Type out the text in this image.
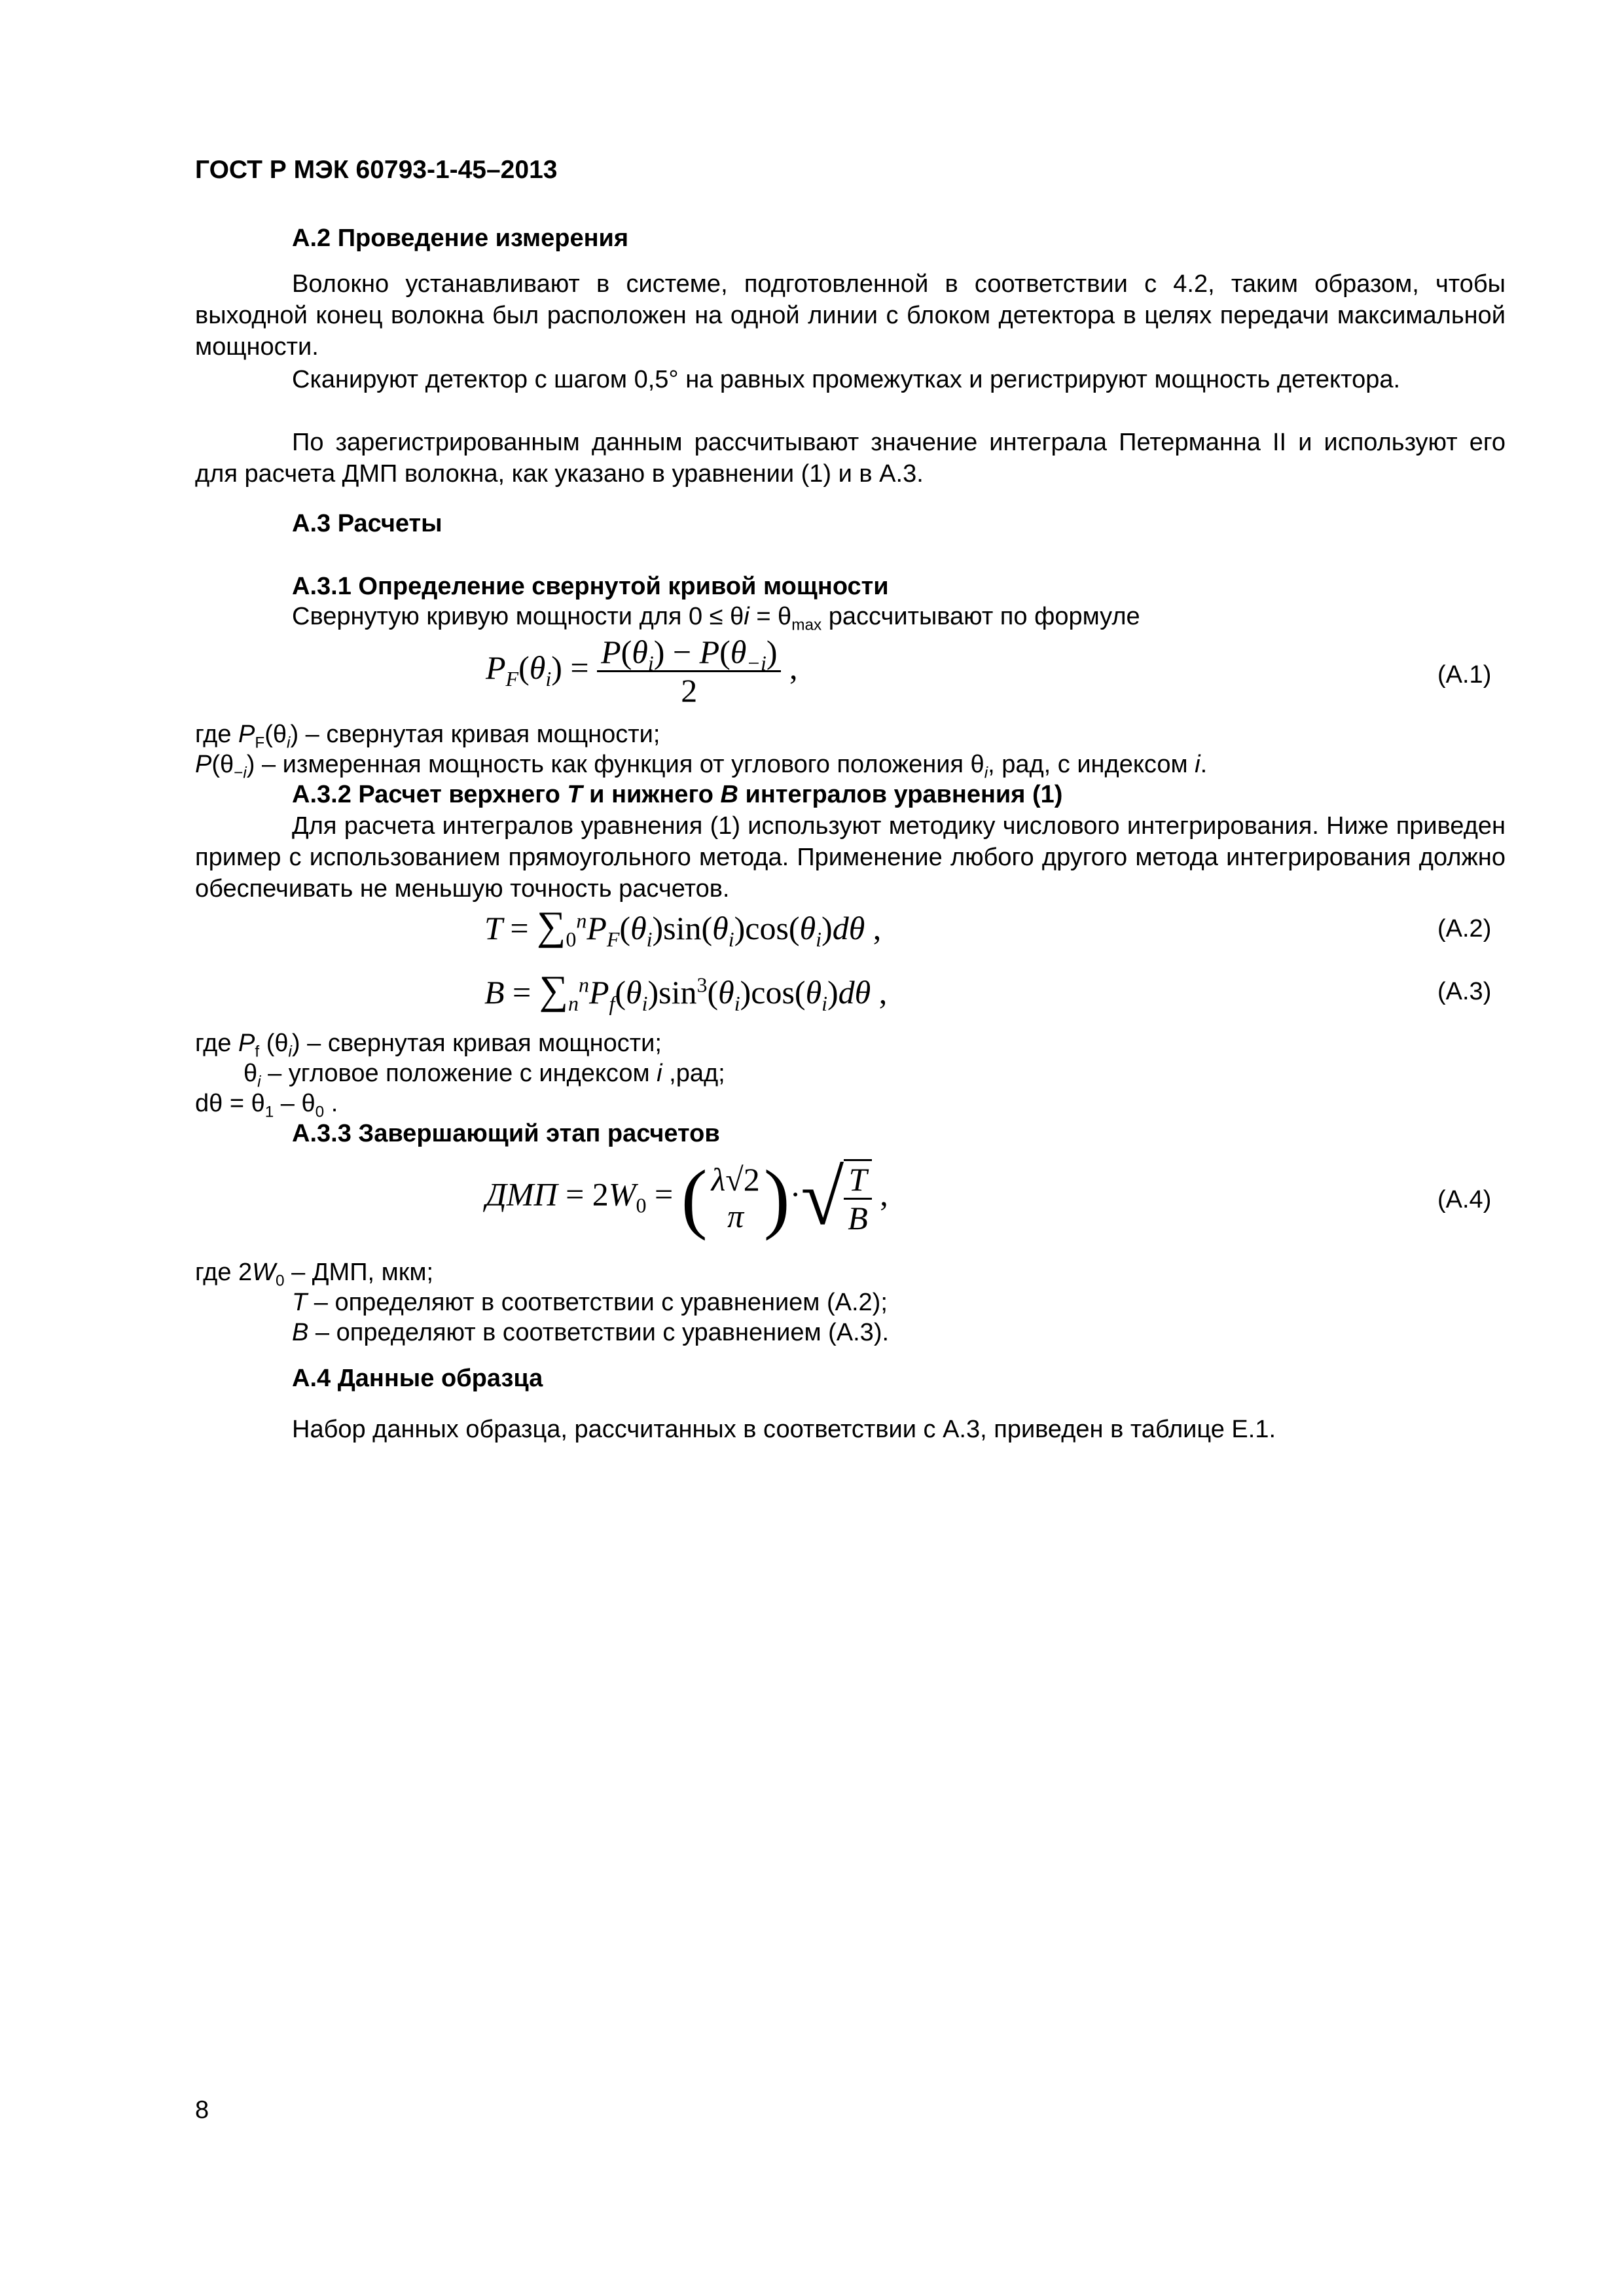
ГОСТ Р МЭК 60793-1-45–2013
А.2 Проведение измерения
Волокно устанавливают в системе, подготовленной в соответствии с 4.2, таким образом, чтобы выходной конец волокна был расположен на одной линии с блоком детектора в целях передачи максимальной мощности.
Сканируют детектор с шагом 0,5° на равных промежутках и регистрируют мощность детектора.
По зарегистрированным данным рассчитывают значение интеграла Петерманна II и используют его для расчета ДМП волокна, как указано в уравнении (1) и в А.3.
А.3 Расчеты
А.3.1 Определение свернутой кривой мощности
Свернутую кривую мощности для $0 \le \theta i = \theta_{max}$ рассчитывают по формуле
$P_F(\theta_i) = \frac{P(\theta_i) - P(\theta_{-i})}{2}$ ,	(А.1)
где $P_F(\theta_i)$ – свернутая кривая мощности;
$P(\theta_{-i})$ – измеренная мощность как функция от углового положения $\theta_i$, рад, с индексом i.
А.3.2 Расчет верхнего T и нижнего B интегралов уравнения (1)
Для расчета интегралов уравнения (1) используют методику числового интегрирования. Ниже приведен пример с использованием прямоугольного метода. Применение любого другого метода интегрирования должно обеспечивать не меньшую точность расчетов.
$T = \sum_0^nP_F(\theta_i)\sin(\theta_i)\cos(\theta_i)d\theta$ ,	(А.2)
$B = \sum_n^nP_f(\theta_i)\sin^3(\theta_i)\cos(\theta_i)d\theta$ ,	(А.3)
где $P_f$ $(\theta_i)$ – свернутая кривая мощности;
$\theta_i$ – угловое положение с индексом i ,рад;
$d\theta = \theta_1 - \theta_0$ .
А.3.3 Завершающий этап расчетов
ДМП = $2W_0$ = ( λ√2
π )·√ $\frac{T}{B}$ ,	(А.4)
где $2W_0$ – ДМП, мкм;
T – определяют в соответствии с уравнением (А.2);
B – определяют в соответствии с уравнением (А.3).
А.4 Данные образца
Набор данных образца, рассчитанных в соответствии с А.3, приведен в таблице Е.1.
8
